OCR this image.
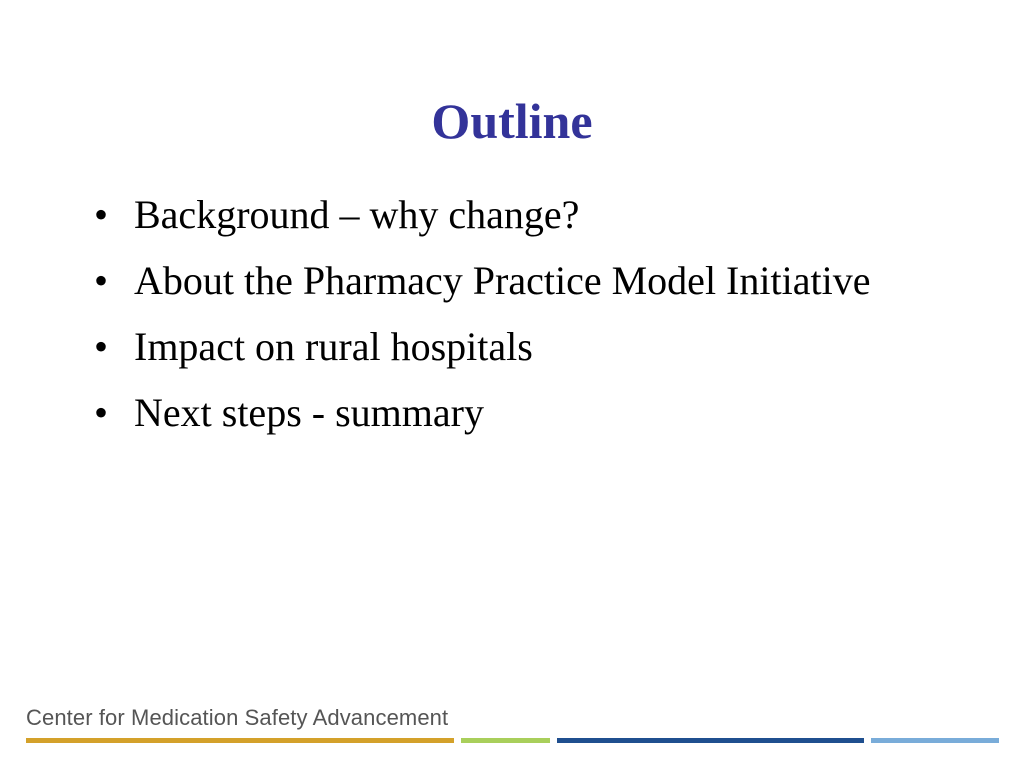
Outline
• Background – why change?
• About the Pharmacy Practice Model Initiative
• Impact on rural hospitals
• Next steps - summary
Center for Medication Safety Advancement
